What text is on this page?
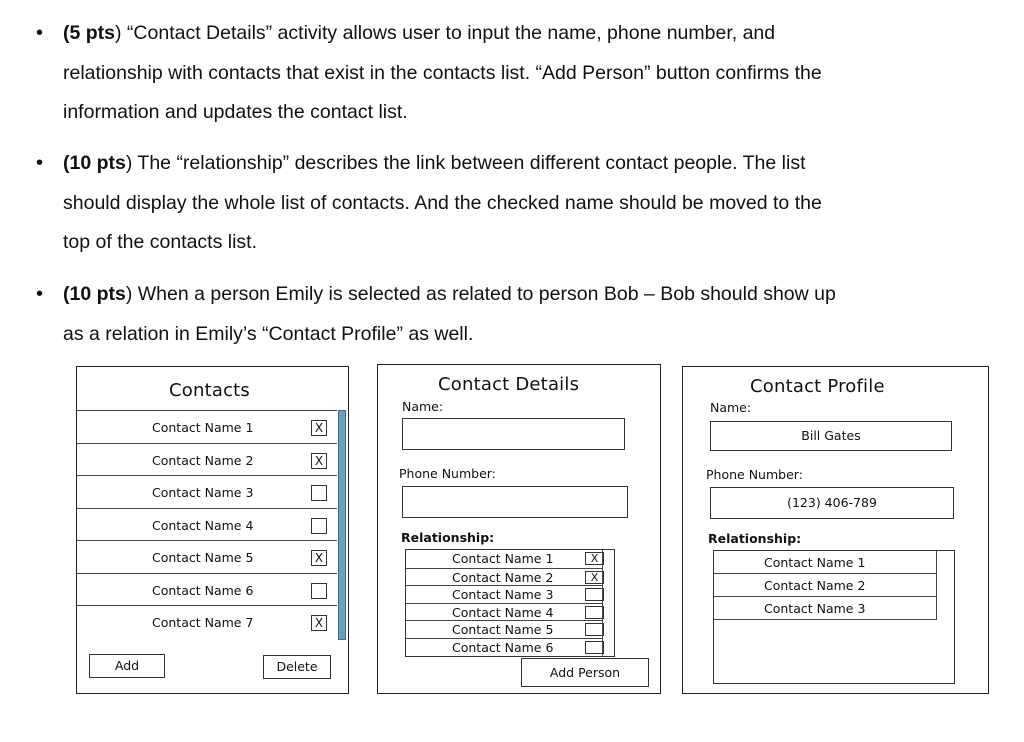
• (5 pts) “Contact Details” activity allows user to input the name, phone number, and
relationship with contacts that exist in the contacts list. “Add Person” button confirms the
information and updates the contact list.
• (10 pts) The “relationship” describes the link between different contact people. The list
should display the whole list of contacts. And the checked name should be moved to the
top of the contacts list.
• (10 pts) When a person Emily is selected as related to person Bob – Bob should show up
as a relation in Emily’s “Contact Profile” as well.
Contacts
Contact Name 1	X
Contact Name 2	X
Contact Name 3
Contact Name 4
Contact Name 5	X
Contact Name 6
Contact Name 7	X
Add	Delete
Contact Details
Name:
Phone Number:
Relationship:
Contact Name 1	X
Contact Name 2	X
Contact Name 3
Contact Name 4
Contact Name 5
Contact Name 6
Add Person
Contact Profile
Name:
Bill Gates
Phone Number:
(123) 406-789
Relationship:
Contact Name 1
Contact Name 2
Contact Name 3
